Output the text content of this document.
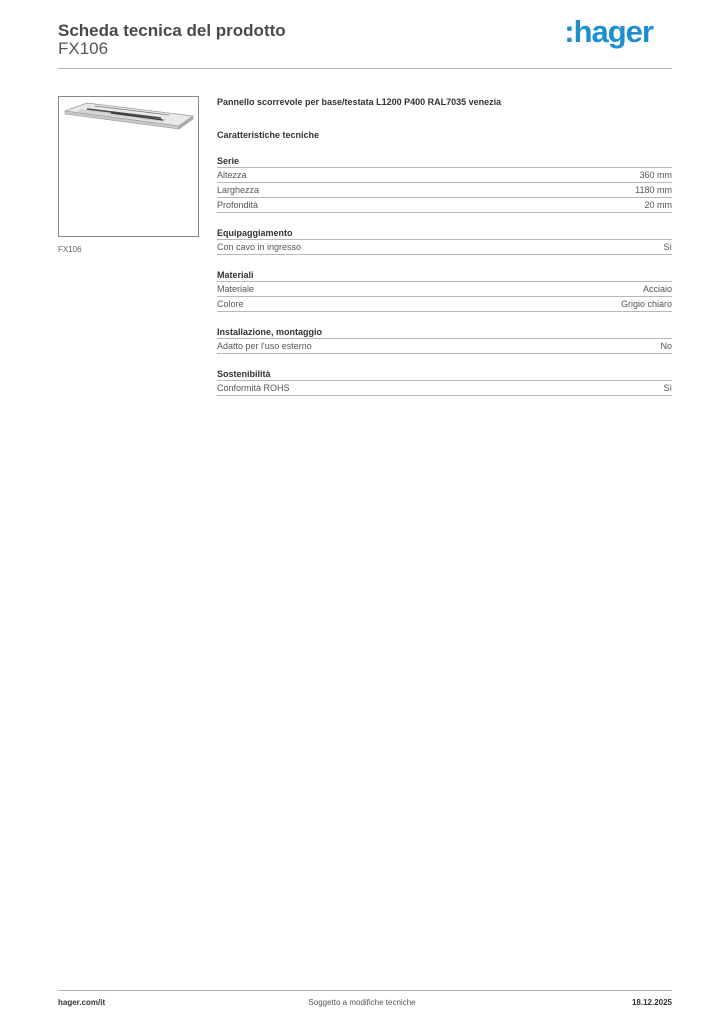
Scheda tecnica del prodotto
FX106	:hager
FX106
Pannello scorrevole per base/testata L1200 P400 RAL7035 venezia
Caratteristiche tecniche
Serie
Altezza	360 mm
Larghezza	1180 mm
Profondità	20 mm
Equipaggiamento
Con cavo in ingresso	Sì
Materiali
Materiale	Acciaio
Colore	Grigio chiaro
Installazione, montaggio
Adatto per l'uso esterno	No
Sostenibilità
Conformità ROHS	Sì
hager.com/it	Soggetto a modifiche tecniche	18.12.2025
